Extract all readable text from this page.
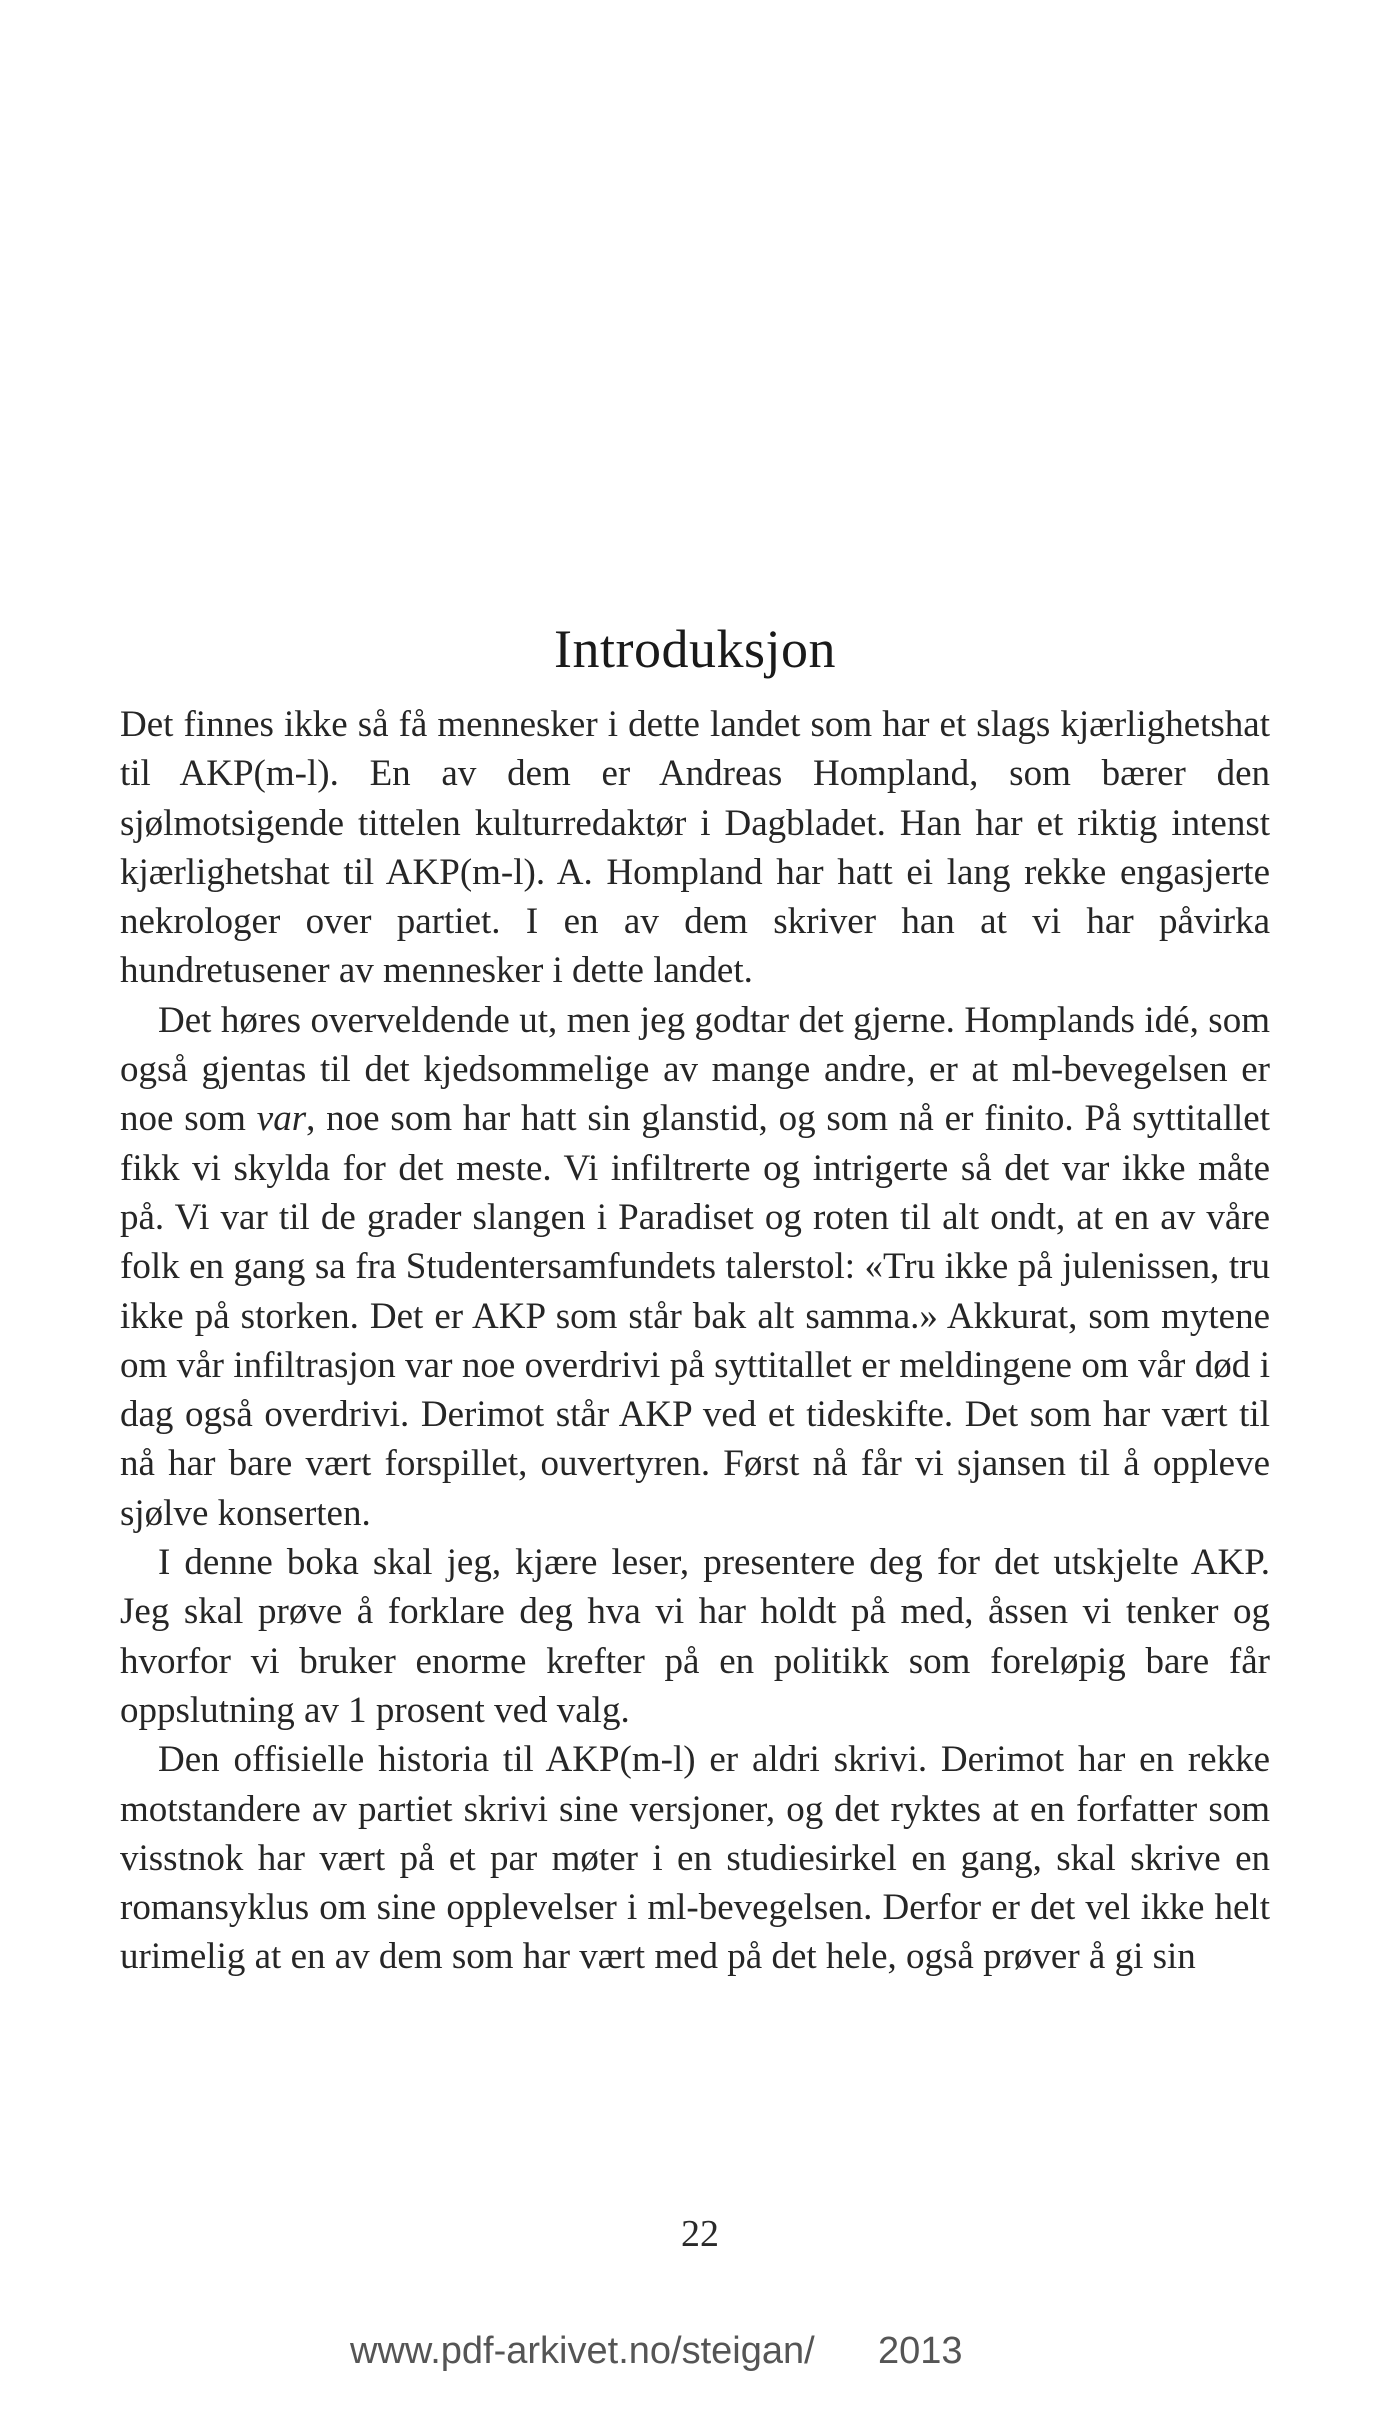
Introduksjon

Det finnes ikke så få mennesker i dette landet som har et slags kjærlighetshat til AKP(m-l). En av dem er Andreas Hompland, som bærer den sjølmotsigende tittelen kulturredaktør i Dagbladet. Han har et riktig intenst kjærlighetshat til AKP(m-l). A. Hompland har hatt ei lang rekke engasjerte nekrologer over partiet. I en av dem skriver han at vi har påvirka hundretusener av mennesker i dette landet.

Det høres overveldende ut, men jeg godtar det gjerne. Homplands idé, som også gjentas til det kjedsommelige av mange andre, er at ml-bevegelsen er noe som var, noe som har hatt sin glanstid, og som nå er finito. På syttitallet fikk vi skylda for det meste. Vi infiltrerte og intrigerte så det var ikke måte på. Vi var til de grader slangen i Paradiset og roten til alt ondt, at en av våre folk en gang sa fra Studentersamfundets talerstol: «Tru ikke på julenissen, tru ikke på storken. Det er AKP som står bak alt samma.» Akkurat, som mytene om vår infiltrasjon var noe overdrivi på syttitallet er meldingene om vår død i dag også overdrivi. Derimot står AKP ved et tideskifte. Det som har vært til nå har bare vært forspillet, ouvertyren. Først nå får vi sjansen til å oppleve sjølve konserten.

I denne boka skal jeg, kjære leser, presentere deg for det utskjelte AKP. Jeg skal prøve å forklare deg hva vi har holdt på med, åssen vi tenker og hvorfor vi bruker enorme krefter på en politikk som foreløpig bare får oppslutning av 1 prosent ved valg.

Den offisielle historia til AKP(m-l) er aldri skrivi. Derimot har en rekke motstandere av partiet skrivi sine versjoner, og det ryktes at en forfatter som visstnok har vært på et par møter i en studiesirkel en gang, skal skrive en romansyklus om sine opplevelser i ml-bevegelsen. Derfor er det vel ikke helt urimelig at en av dem som har vært med på det hele, også prøver å gi sin

22
www.pdf-arkivet.no/steigan/ 2013
